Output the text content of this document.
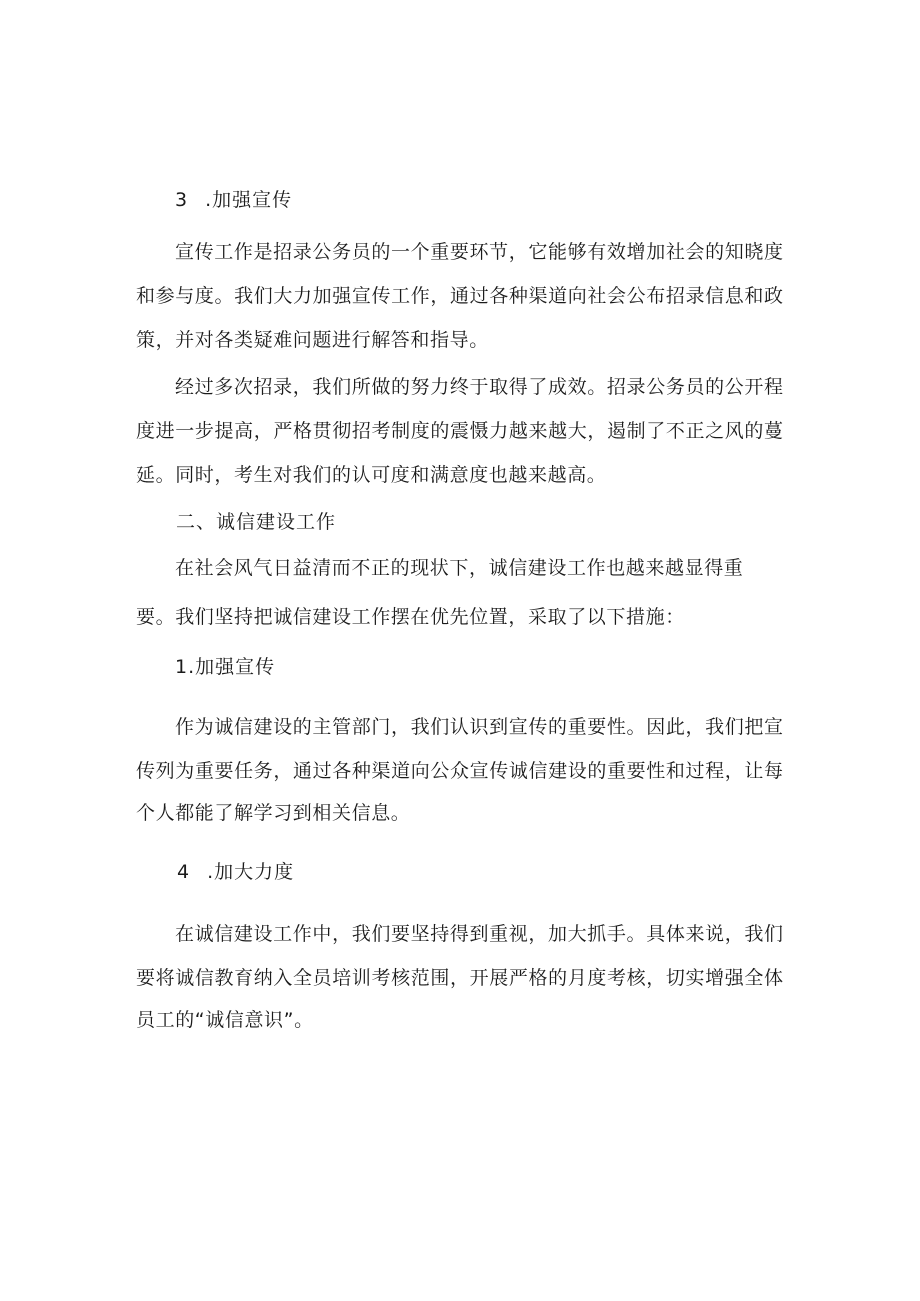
3 .加强宣传
宣传工作是招录公务员的一个重要环节，它能够有效增加社会的知晓度
和参与度。我们大力加强宣传工作，通过各种渠道向社会公布招录信息和政
策，并对各类疑难问题进行解答和指导。
经过多次招录，我们所做的努力终于取得了成效。招录公务员的公开程
度进一步提高，严格贯彻招考制度的震慑力越来越大，遏制了不正之风的蔓
延。同时，考生对我们的认可度和满意度也越来越高。
二、诚信建设工作
在社会风气日益清而不正的现状下，诚信建设工作也越来越显得重
要。我们坚持把诚信建设工作摆在优先位置，采取了以下措施：
1.加强宣传
作为诚信建设的主管部门，我们认识到宣传的重要性。因此，我们把宣
传列为重要任务，通过各种渠道向公众宣传诚信建设的重要性和过程，让每
个人都能了解学习到相关信息。
4 .加大力度
在诚信建设工作中，我们要坚持得到重视，加大抓手。具体来说，我们
要将诚信教育纳入全员培训考核范围，开展严格的月度考核，切实增强全体
员工的“诚信意识”。
